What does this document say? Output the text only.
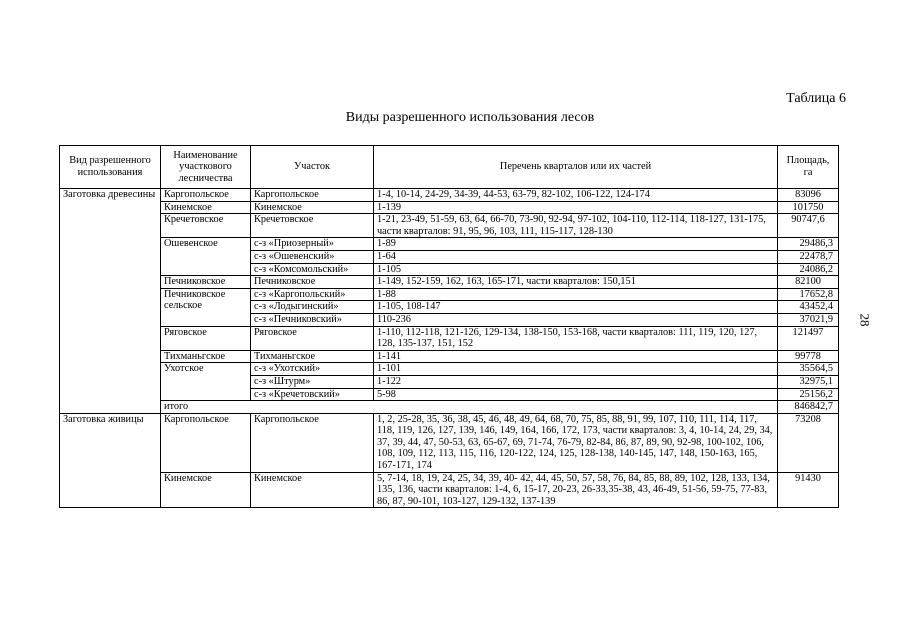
Таблица 6
Виды разрешенного использования лесов
28
Вид разрешенного использования	Наименование участкового лесничества	Участок	Перечень кварталов или их частей	Площадь, га
Заготовка древесины	Каргопольское	Каргопольское	1-4, 10-14, 24-29, 34-39, 44-53, 63-79, 82-102, 106-122, 124-174	83096
	Кинемское	Кинемское	1-139	101750
	Кречетовское	Кречетовское	1-21, 23-49, 51-59, 63, 64, 66-70, 73-90, 92-94, 97-102, 104-110, 112-114, 118-127, 131-175, части кварталов: 91, 95, 96, 103, 111, 115-117, 128-130	90747,6
	Ошевенское	с-з «Приозерный»	1-89	29486,3
		с-з «Ошевенский»	1-64	22478,7
		с-з «Комсомольский»	1-105	24086,2
	Печниковское	Печниковское	1-149, 152-159, 162, 163, 165-171, части кварталов: 150,151	82100
	Печниковское сельское	с-з «Каргопольский»	1-88	17652,8
		с-з «Лодыгинский»	1-105, 108-147	43452,4
		с-з «Печниковский»	110-236	37021,9
	Ряговское	Ряговское	1-110, 112-118, 121-126, 129-134, 138-150, 153-168, части кварталов: 111, 119, 120, 127, 128, 135-137, 151, 152	121497
	Тихманьгское	Тихманьгское	1-141	99778
	Ухотское	с-з «Ухотский»	1-101	35564,5
		с-з «Штурм»	1-122	32975,1
		с-з «Кречетовский»	5-98	25156,2
	итого			846842,7
Заготовка живицы	Каргопольское	Каргопольское	1, 2, 25-28, 35, 36, 38, 45, 46, 48, 49, 64, 68, 70, 75, 85, 88, 91, 99, 107, 110, 111, 114, 117, 118, 119, 126, 127, 139, 146, 149, 164, 166, 172, 173, части кварталов: 3, 4, 10-14, 24, 29, 34, 37, 39, 44, 47, 50-53, 63, 65-67, 69, 71-74, 76-79, 82-84, 86, 87, 89, 90, 92-98, 100-102, 106, 108, 109, 112, 113, 115, 116, 120-122, 124, 125, 128-138, 140-145, 147, 148, 150-163, 165, 167-171, 174	73208
	Кинемское	Кинемское	5, 7-14, 18, 19, 24, 25, 34, 39, 40- 42, 44, 45, 50, 57, 58, 76, 84, 85, 88, 89, 102, 128, 133, 134, 135, 136, части кварталов: 1-4, 6, 15-17, 20-23, 26-33,35-38, 43, 46-49, 51-56, 59-75, 77-83, 86, 87, 90-101, 103-127, 129-132, 137-139	91430
